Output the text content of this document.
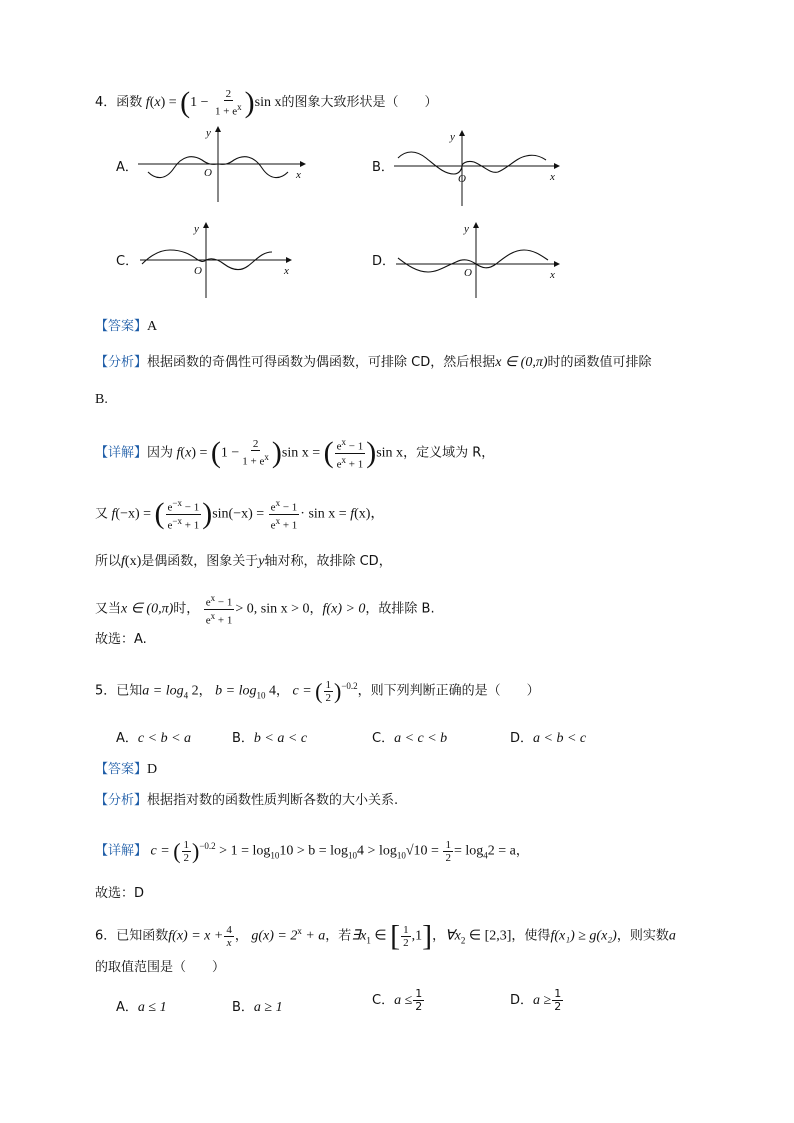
4．函数 $f(x) = (1 - \frac{2}{1 + e^x} )\sin$ x的图象大致形状是（　　）
A．	B．
C．	D．
O	x
y
O	x
y
O	x
y
O	x
y
【答案】A
【分析】根据函数的奇偶性可得函数为偶函数，可排除 CD，然后根据x ∈ (0,π)时的函数值可排除
B.
【详解】因为 $f(x) = (1 - \frac{2}{1 + e^x} )\sin$ x = ( $\frac{e^x - 1}{e^x + 1} )\sin$ x，定义域为 R，
又 f(−x) = ( $\frac{e^{-x} - 1}{e^{-x} + 1} )\sin(-x) = \frac{e^x - 1}{e^x + 1} \cdot \sin x = f(x)$，
所以f(x)是偶函数，图象关于y轴对称，故排除 CD，
又当x ∈ (0,π)时， $\frac{e^x - 1}{e^x + 1} > 0$, sin x > 0，f(x) > 0，故排除 B.
故选：A.
5．已知$a = \log_4 2$， $b = \log_{10} 4$， c = ( $\frac{1}{2} )^{-0.2}$，则下列判断正确的是（　　）
A．c < b < a	B．b < a < c	C．a < c < b	D．a < b < c
【答案】D
【分析】根据指对数的函数性质判断各数的大小关系.
【详解】 c = ( $\frac{1}{2} )^{-0.2} > 1 = \log_{10}10 > b = \log_{10}4 > \log_{10}√10 = \frac{1}{2} = \log_42 = a$，
故选：D
6．已知函数$f(x) = x + \frac{4}{x}$ ， $g(x) = 2^x + a$，若$\exists x_1$ ∈ [ $\frac{1}{2} ,1$]，$\forall x_2$ ∈ [2,3]，使得f(x₁) ≥ g(x₂)，则实数a
的取值范围是（　　）
A．a ≤ 1	B．a ≥ 1	C．$a \le \frac{1}{2}$	D．$a \ge \frac{1}{2}$
